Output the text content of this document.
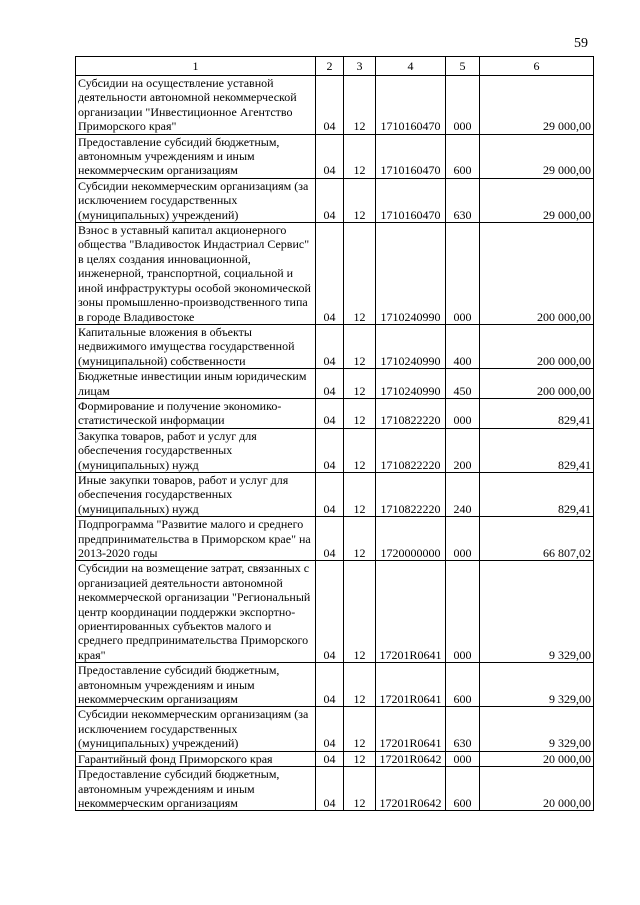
59
1	2	3	4	5	6
Субсидии на осуществление уставной деятельности автономной некоммерческой организации "Инвестиционное Агентство Приморского края"	04	12	1710160470	000	29 000,00
Предоставление субсидий бюджетным, автономным учреждениям и иным некоммерческим организациям	04	12	1710160470	600	29 000,00
Субсидии некоммерческим организациям (за исключением государственных (муниципальных) учреждений)	04	12	1710160470	630	29 000,00
Взнос в уставный капитал акционерного общества "Владивосток Индастриал Сервис" в целях создания инновационной, инженерной, транспортной, социальной и иной инфраструктуры особой экономической зоны промышленно-производственного типа в городе Владивостоке	04	12	1710240990	000	200 000,00
Капитальные вложения в объекты недвижимого имущества государственной (муниципальной) собственности	04	12	1710240990	400	200 000,00
Бюджетные инвестиции иным юридическим лицам	04	12	1710240990	450	200 000,00
Формирование и получение экономико-статистической информации	04	12	1710822220	000	829,41
Закупка товаров, работ и услуг для обеспечения государственных (муниципальных) нужд	04	12	1710822220	200	829,41
Иные закупки товаров, работ и услуг для обеспечения государственных (муниципальных) нужд	04	12	1710822220	240	829,41
Подпрограмма "Развитие малого и среднего предпринимательства в Приморском крае" на 2013-2020 годы	04	12	1720000000	000	66 807,02
Субсидии на возмещение затрат, связанных с организацией деятельности автономной некоммерческой организации "Региональный центр координации поддержки экспортно-ориентированных субъектов малого и среднего предпринимательства Приморского края"	04	12	17201R0641	000	9 329,00
Предоставление субсидий бюджетным, автономным учреждениям и иным некоммерческим организациям	04	12	17201R0641	600	9 329,00
Субсидии некоммерческим организациям (за исключением государственных (муниципальных) учреждений)	04	12	17201R0641	630	9 329,00
Гарантийный фонд Приморского края	04	12	17201R0642	000	20 000,00
Предоставление субсидий бюджетным, автономным учреждениям и иным некоммерческим организациям	04	12	17201R0642	600	20 000,00
